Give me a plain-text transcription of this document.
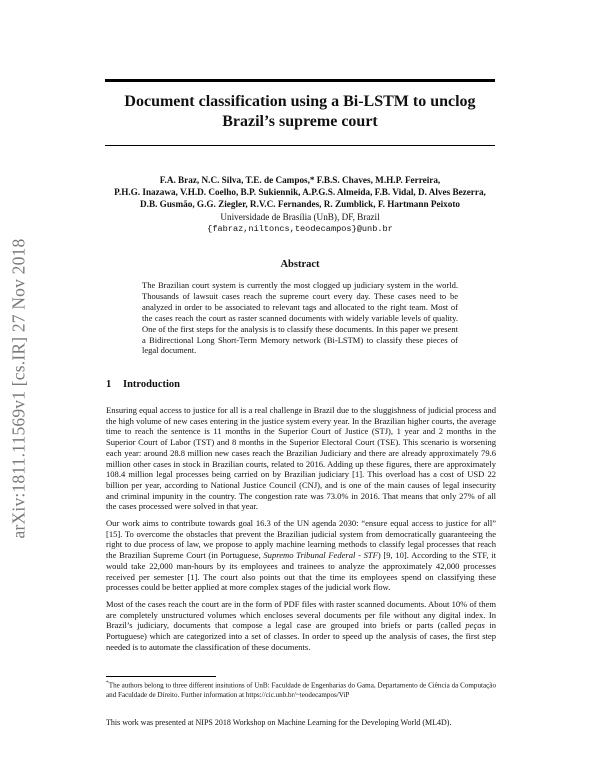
Document classification using a Bi-LSTM to unclog
Brazil’s supreme court
arXiv:1811.11569v1 [cs.IR] 27 Nov 2018
F.A. Braz, N.C. Silva, T.E. de Campos,* F.B.S. Chaves, M.H.P. Ferreira,
P.H.G. Inazawa, V.H.D. Coelho, B.P. Sukiennik, A.P.G.S. Almeida, F.B. Vidal, D. Alves Bezerra,
D.B. Gusmão, G.G. Ziegler, R.V.C. Fernandes, R. Zumblick, F. Hartmann Peixoto
Universidade de Brasília (UnB), DF, Brazil
{fabraz,niltoncs,teodecampos}@unb.br
Abstract
The Brazilian court system is currently the most clogged up judiciary system in the world. Thousands of lawsuit cases reach the supreme court every day. These cases need to be analyzed in order to be associated to relevant tags and allocated to the right team. Most of the cases reach the court as raster scanned documents with widely variable levels of quality. One of the first steps for the analysis is to classify these documents. In this paper we present a Bidirectional Long Short-Term Memory network (Bi-LSTM) to classify these pieces of legal document.
1 Introduction

Ensuring equal access to justice for all is a real challenge in Brazil due to the sluggishness of judicial process and the high volume of new cases entering in the justice system every year. In the Brazilian higher courts, the average time to reach the sentence is 11 months in the Superior Court of Justice (STJ), 1 year and 2 months in the Superior Court of Labor (TST) and 8 months in the Superior Electoral Court (TSE). This scenario is worsening each year: around 28.8 million new cases reach the Brazilian Judiciary and there are already approximately 79.6 million other cases in stock in Brazilian courts, related to 2016. Adding up these figures, there are approximately 108.4 million legal processes being carried on by Brazilian judiciary [1]. This overload has a cost of USD 22 billion per year, according to National Justice Council (CNJ), and is one of the main causes of legal insecurity and criminal impunity in the country. The congestion rate was 73.0% in 2016. That means that only 27% of all the cases processed were solved in that year.

Our work aims to contribute towards goal 16.3 of the UN agenda 2030: “ensure equal access to justice for all” [15]. To overcome the obstacles that prevent the Brazilian judicial system from democratically guaranteeing the right to due process of law, we propose to apply machine learning methods to classify legal processes that reach the Brazilian Supreme Court (in Portuguese, Supremo Tribunal Federal - STF) [9, 10]. According to the STF, it would take 22,000 man-hours by its employees and trainees to analyze the approximately 42,000 processes received per semester [1]. The court also points out that the time its employees spend on classifying these processes could be better applied at more complex stages of the judicial work flow.

Most of the cases reach the court are in the form of PDF files with raster scanned documents. About 10% of them are completely unstructured volumes which encloses several documents per file without any digital index. In Brazil’s judiciary, documents that compose a legal case are grouped into briefs or parts (called peças in Portuguese) which are categorized into a set of classes. In order to speed up the analysis of cases, the first step needed is to automate the classification of these documents.

*The authors belong to three different insitutions of UnB: Faculdade de Engenharias do Gama, Departamento de Ciência da Computação and Faculdade de Direito. Further information at https://cic.unb.br/~teodecampos/ViP
This work was presented at NIPS 2018 Workshop on Machine Learning for the Developing World (ML4D).
